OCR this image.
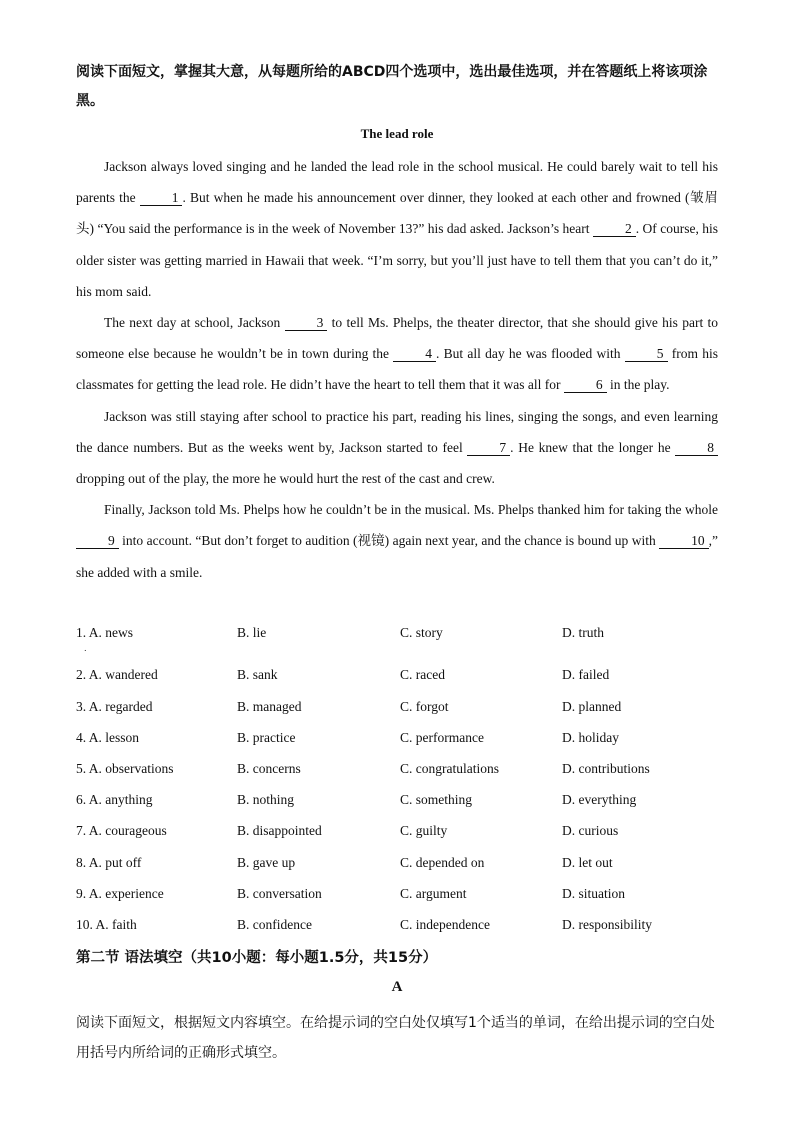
阅读下面短文，掌握其大意，从每题所给的ABCD四个选项中，选出最佳选项，并在答题纸上将该项涂黑。
The lead role

Jackson always loved singing and he landed the lead role in the school musical. He could barely wait to tell his parents the 1 . But when he made his announcement over dinner, they looked at each other and frowned (皱眉头) “You said the performance is in the week of November 13?” his dad asked. Jackson’s heart 2 . Of course, his older sister was getting married in Hawaii that week. “I’m sorry, but you’ll just have to tell them that you can’t do it,” his mom said.

The next day at school, Jackson 3 to tell Ms. Phelps, the theater director, that she should give his part to someone else because he wouldn’t be in town during the 4 . But all day he was flooded with 5 from his classmates for getting the lead role. He didn’t have the heart to tell them that it was all for 6 in the play.

Jackson was still staying after school to practice his part, reading his lines, singing the songs, and even learning the dance numbers. But as the weeks went by, Jackson started to feel 7 . He knew that the longer he 8 dropping out of the play, the more he would hurt the rest of the cast and crew.

Finally, Jackson told Ms. Phelps how he couldn’t be in the musical. Ms. Phelps thanked him for taking the whole 9 into account. “But don’t forget to audition (视镜) again next year, and the chance is bound up with 10 ,” she added with a smile.

.
1. A. news	B. lie	C. story	D. truth
2. A. wandered	B. sank	C. raced	D. failed
3. A. regarded	B. managed	C. forgot	D. planned
4. A. lesson	B. practice	C. performance	D. holiday
5. A. observations	B. concerns	C. congratulations	D. contributions
6. A. anything	B. nothing	C. something	D. everything
7. A. courageous	B. disappointed	C. guilty	D. curious
8. A. put off	B. gave up	C. depended on	D. let out
9. A. experience	B. conversation	C. argument	D. situation
10. A. faith	B. confidence	C. independence	D. responsibility
第二节 语法填空（共10小题：每小题1.5分，共15分）
A
阅读下面短文，根据短文内容填空。在给提示词的空白处仅填写1个适当的单词，在给出提示词的空白处用括号内所给词的正确形式填空。
